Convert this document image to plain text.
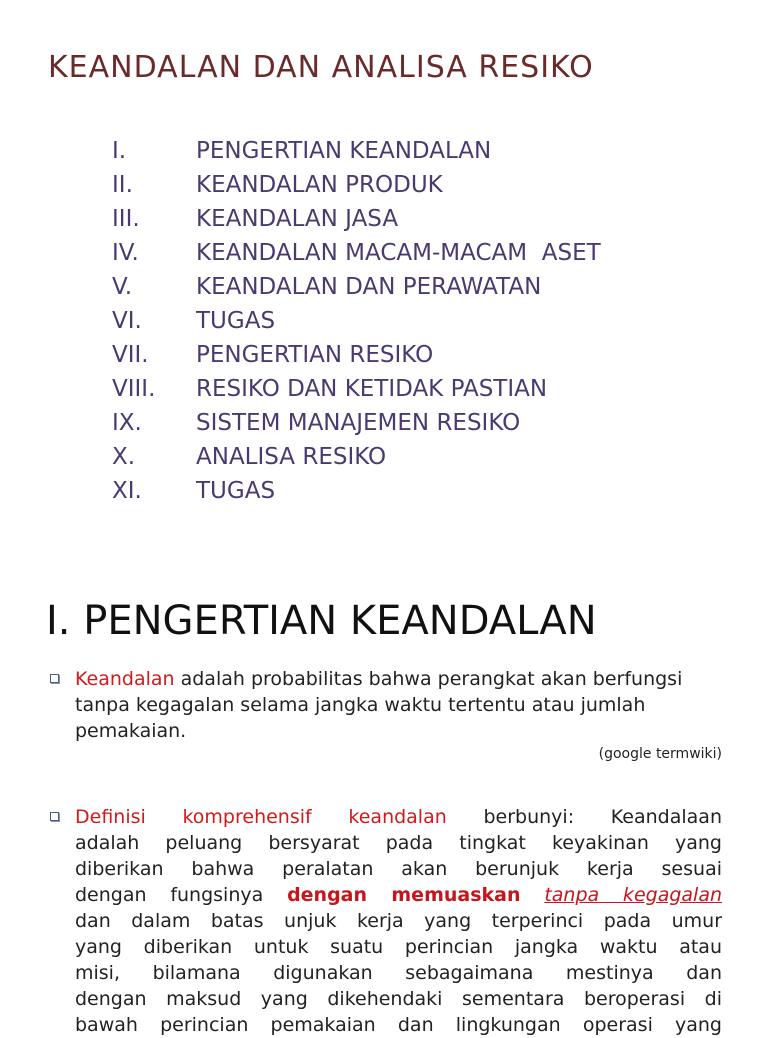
KEANDALAN DAN ANALISA RESIKO
I.	PENGERTIAN KEANDALAN
II.	KEANDALAN PRODUK
III.	KEANDALAN JASA
IV.	KEANDALAN MACAM-MACAM  ASET
V.	KEANDALAN DAN PERAWATAN
VI.	TUGAS
VII.	PENGERTIAN RESIKO
VIII.	RESIKO DAN KETIDAK PASTIAN
IX.	SISTEM MANAJEMEN RESIKO
X.	ANALISA RESIKO
XI.	TUGAS
I. PENGERTIAN KEANDALAN
Keandalan adalah probabilitas bahwa perangkat akan berfungsi tanpa kegagalan selama jangka waktu tertentu atau jumlah pemakaian.
(google termwiki)
Definisi komprehensif keandalan berbunyi: Keandalaan
adalah peluang bersyarat pada tingkat keyakinan yang
diberikan bahwa peralatan akan berunjuk kerja sesuai
dengan fungsinya dengan memuaskan tanpa kegagalan
dan dalam batas unjuk kerja yang terperinci pada umur
yang diberikan untuk suatu perincian jangka waktu atau
misi, bilamana digunakan sebagaimana mestinya dan
dengan maksud yang dikehendaki sementara beroperasi di
bawah perincian pemakaian dan lingkungan operasi yang
